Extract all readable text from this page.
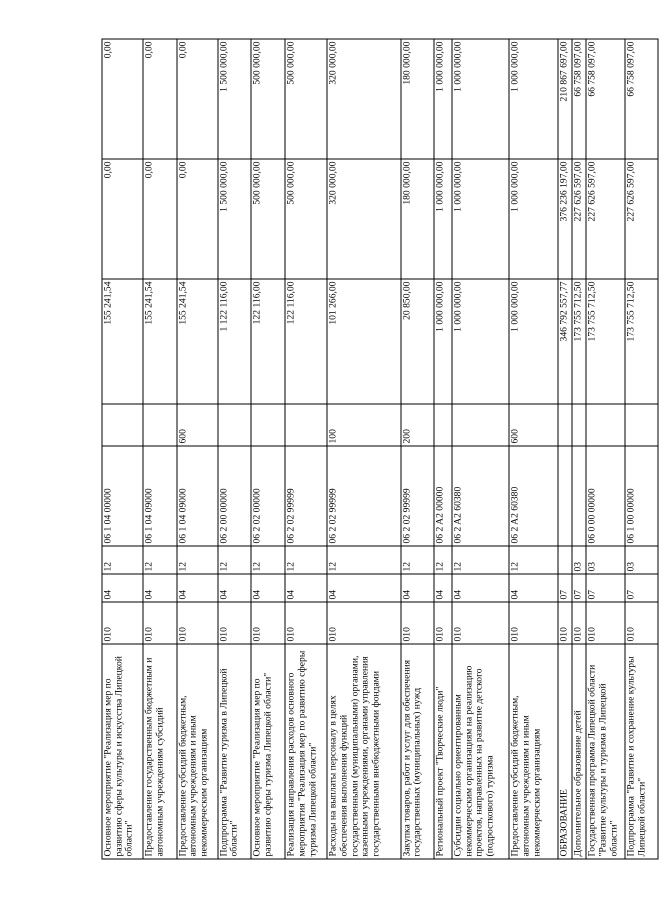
Основное мероприятие "Реализация мер по развитию сферы культуры и искусства Липецкой области"	010	04	12	06 1 04 00000		155 241,54	0,00	0,00
Предоставление государственным бюджетным и автономным учреждениям субсидий	010	04	12	06 1 04 09000		155 241,54	0,00	0,00
Предоставление субсидий бюджетным, автономным учреждениям и иным некоммерческим организациям	010	04	12	06 1 04 09000	600	155 241,54	0,00	0,00
Подпрограмма "Развитие туризма в Липецкой области"	010	04	12	06 2 00 00000		1 122 116,00	1 500 000,00	1 500 000,00
Основное мероприятие "Реализация мер по развитию сферы туризма Липецкой области"	010	04	12	06 2 02 00000		122 116,00	500 000,00	500 000,00
Реализация направления расходов основного мероприятия "Реализация мер по развитию сферы туризма Липецкой области"	010	04	12	06 2 02 99999		122 116,00	500 000,00	500 000,00
Расходы на выплаты персоналу в целях обеспечения выполнения функций государственными (муниципальными) органами, казенными учреждениями, органами управления государственными внебюджетными фондами	010	04	12	06 2 02 99999	100	101 266,00	320 000,00	320 000,00
Закупка товаров, работ и услуг для обеспечения государственных (муниципальных) нужд	010	04	12	06 2 02 99999	200	20 850,00	180 000,00	180 000,00
Региональный проект "Творческие люди"	010	04	12	06 2 A2 00000		1 000 000,00	1 000 000,00	1 000 000,00
Субсидии социально ориентированным некоммерческим организациям на реализацию проектов, направленных на развитие детского (подросткового) туризма	010	04	12	06 2 A2 60380		1 000 000,00	1 000 000,00	1 000 000,00
Предоставление субсидий бюджетным, автономным учреждениям и иным некоммерческим организациям	010	04	12	06 2 A2 60380	600	1 000 000,00	1 000 000,00	1 000 000,00
ОБРАЗОВАНИЕ	010	07				346 792 557,77	376 236 197,00	210 867 697,00
Дополнительное образование детей	010	07	03			173 755 712,50	227 626 597,00	66 758 097,00
Государственная программа Липецкой области "Развитие культуры и туризма в Липецкой области"	010	07	03	06 0 00 00000		173 755 712,50	227 626 597,00	66 758 097,00
Подпрограмма "Развитие и сохранение культуры Липецкой области"	010	07	03	06 1 00 00000		173 755 712,50	227 626 597,00	66 758 097,00
